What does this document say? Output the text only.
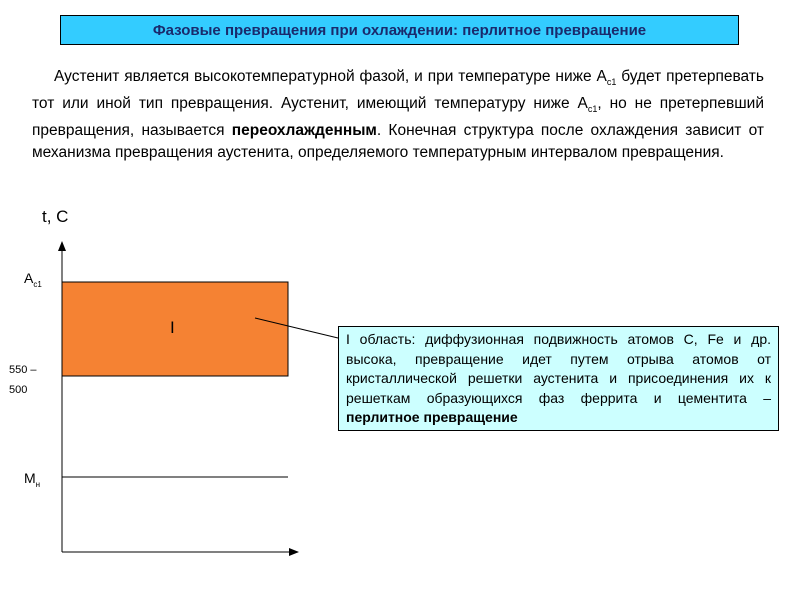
Фазовые превращения при охлаждении: перлитное превращение
Аустенит является высокотемпературной фазой, и при температуре ниже $А_{с1}$ будет претерпевать тот или иной тип превращения. Аустенит, имеющий температуру ниже $А_{с1}$, но не претерпевший превращения, называется переохлажденным. Конечная структура после охлаждения зависит от механизма превращения аустенита, определяемого температурным интервалом превращения.
t, C
$А_{с1}$
550 – 500
$М_н$
I
I область: диффузионная подвижность атомов С, Fe и др. высока, превращение идет путем отрыва атомов от кристаллической решетки аустенита и присоединения их к решеткам образующихся фаз феррита и цементита – перлитное превращение
